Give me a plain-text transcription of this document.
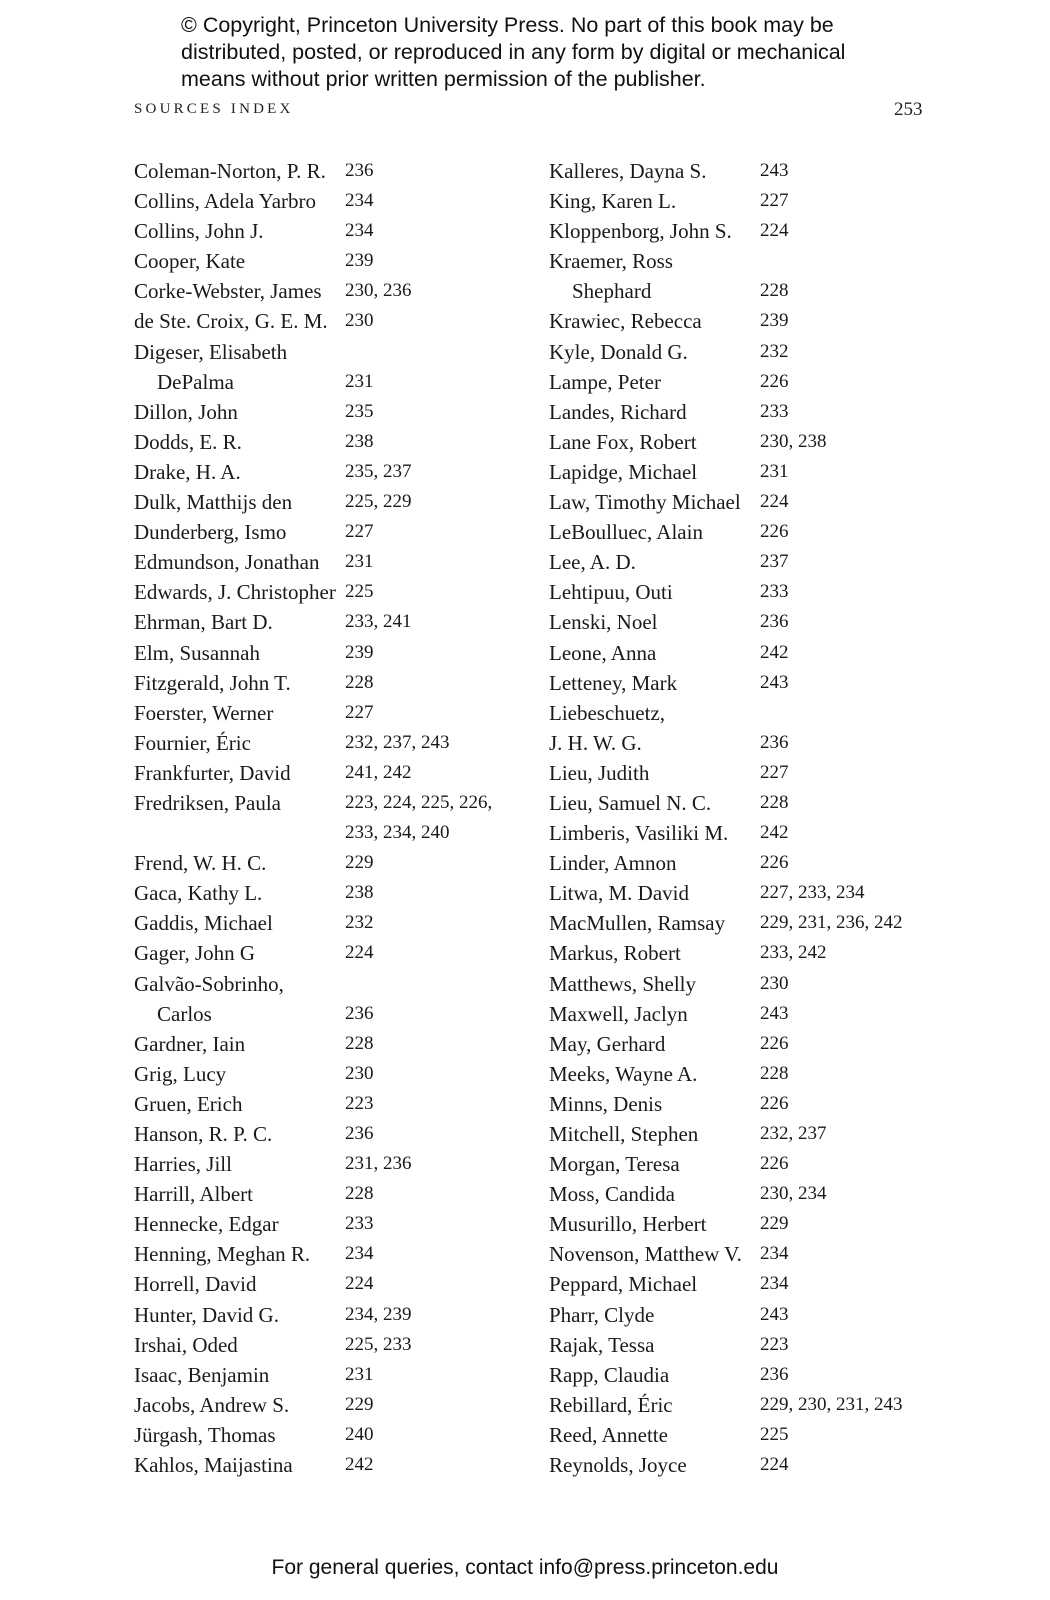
© Copyright, Princeton University Press. No part of this book may be
distributed, posted, or reproduced in any form by digital or mechanical
means without prior written permission of the publisher.
SOURCES INDEX	253
Coleman-Norton, P. R. 236
Collins, Adela Yarbro 234
Collins, John J.	234
Cooper, Kate	239
Corke-Webster, James 230, 236
de Ste. Croix, G. E. M. 230
Digeser, Elisabeth
DePalma	231
Dillon, John	235
Dodds, E. R.	238
Drake, H. A.	235, 237
Dulk, Matthijs den	225, 229
Dunderberg, Ismo	227
Edmundson, Jonathan 231
Edwards, J. Christopher 225
Ehrman, Bart D.	233, 241
Elm, Susannah	239
Fitzgerald, John T.	228
Foerster, Werner	227
Fournier, Éric	232, 237, 243
Frankfurter, David	241, 242
Fredriksen, Paula	223, 224, 225, 226, 233, 234, 240
Frend, W. H. C.	229
Gaca, Kathy L.	238
Gaddis, Michael	232
Gager, John G	224
Galvão-Sobrinho,
Carlos	236
Gardner, Iain	228
Grig, Lucy	230
Gruen, Erich	223
Hanson, R. P. C.	236
Harries, Jill	231, 236
Harrill, Albert	228
Hennecke, Edgar	233
Henning, Meghan R. 234
Horrell, David	224
Hunter, David G.	234, 239
Irshai, Oded	225, 233
Isaac, Benjamin	231
Jacobs, Andrew S.	229
Jürgash, Thomas	240
Kahlos, Maijastina	242
Kalleres, Dayna S.	243
King, Karen L.	227
Kloppenborg, John S. 224
Kraemer, Ross
Shephard	228
Krawiec, Rebecca	239
Kyle, Donald G.	232
Lampe, Peter	226
Landes, Richard	233
Lane Fox, Robert	230, 238
Lapidge, Michael	231
Law, Timothy Michael 224
LeBoulluec, Alain	226
Lee, A. D.	237
Lehtipuu, Outi	233
Lenski, Noel	236
Leone, Anna	242
Letteney, Mark	243
Liebeschuetz,
J. H. W. G.	236
Lieu, Judith	227
Lieu, Samuel N. C.	228
Limberis, Vasiliki M. 242
Linder, Amnon	226
Litwa, M. David	227, 233, 234
MacMullen, Ramsay 229, 231, 236, 242
Markus, Robert	233, 242
Matthews, Shelly	230
Maxwell, Jaclyn	243
May, Gerhard	226
Meeks, Wayne A.	228
Minns, Denis	226
Mitchell, Stephen	232, 237
Morgan, Teresa	226
Moss, Candida	230, 234
Musurillo, Herbert	229
Novenson, Matthew V. 234
Peppard, Michael	234
Pharr, Clyde	243
Rajak, Tessa	223
Rapp, Claudia	236
Rebillard, Éric	229, 230, 231, 243
Reed, Annette	225
Reynolds, Joyce	224
For general queries, contact info@press.princeton.edu
